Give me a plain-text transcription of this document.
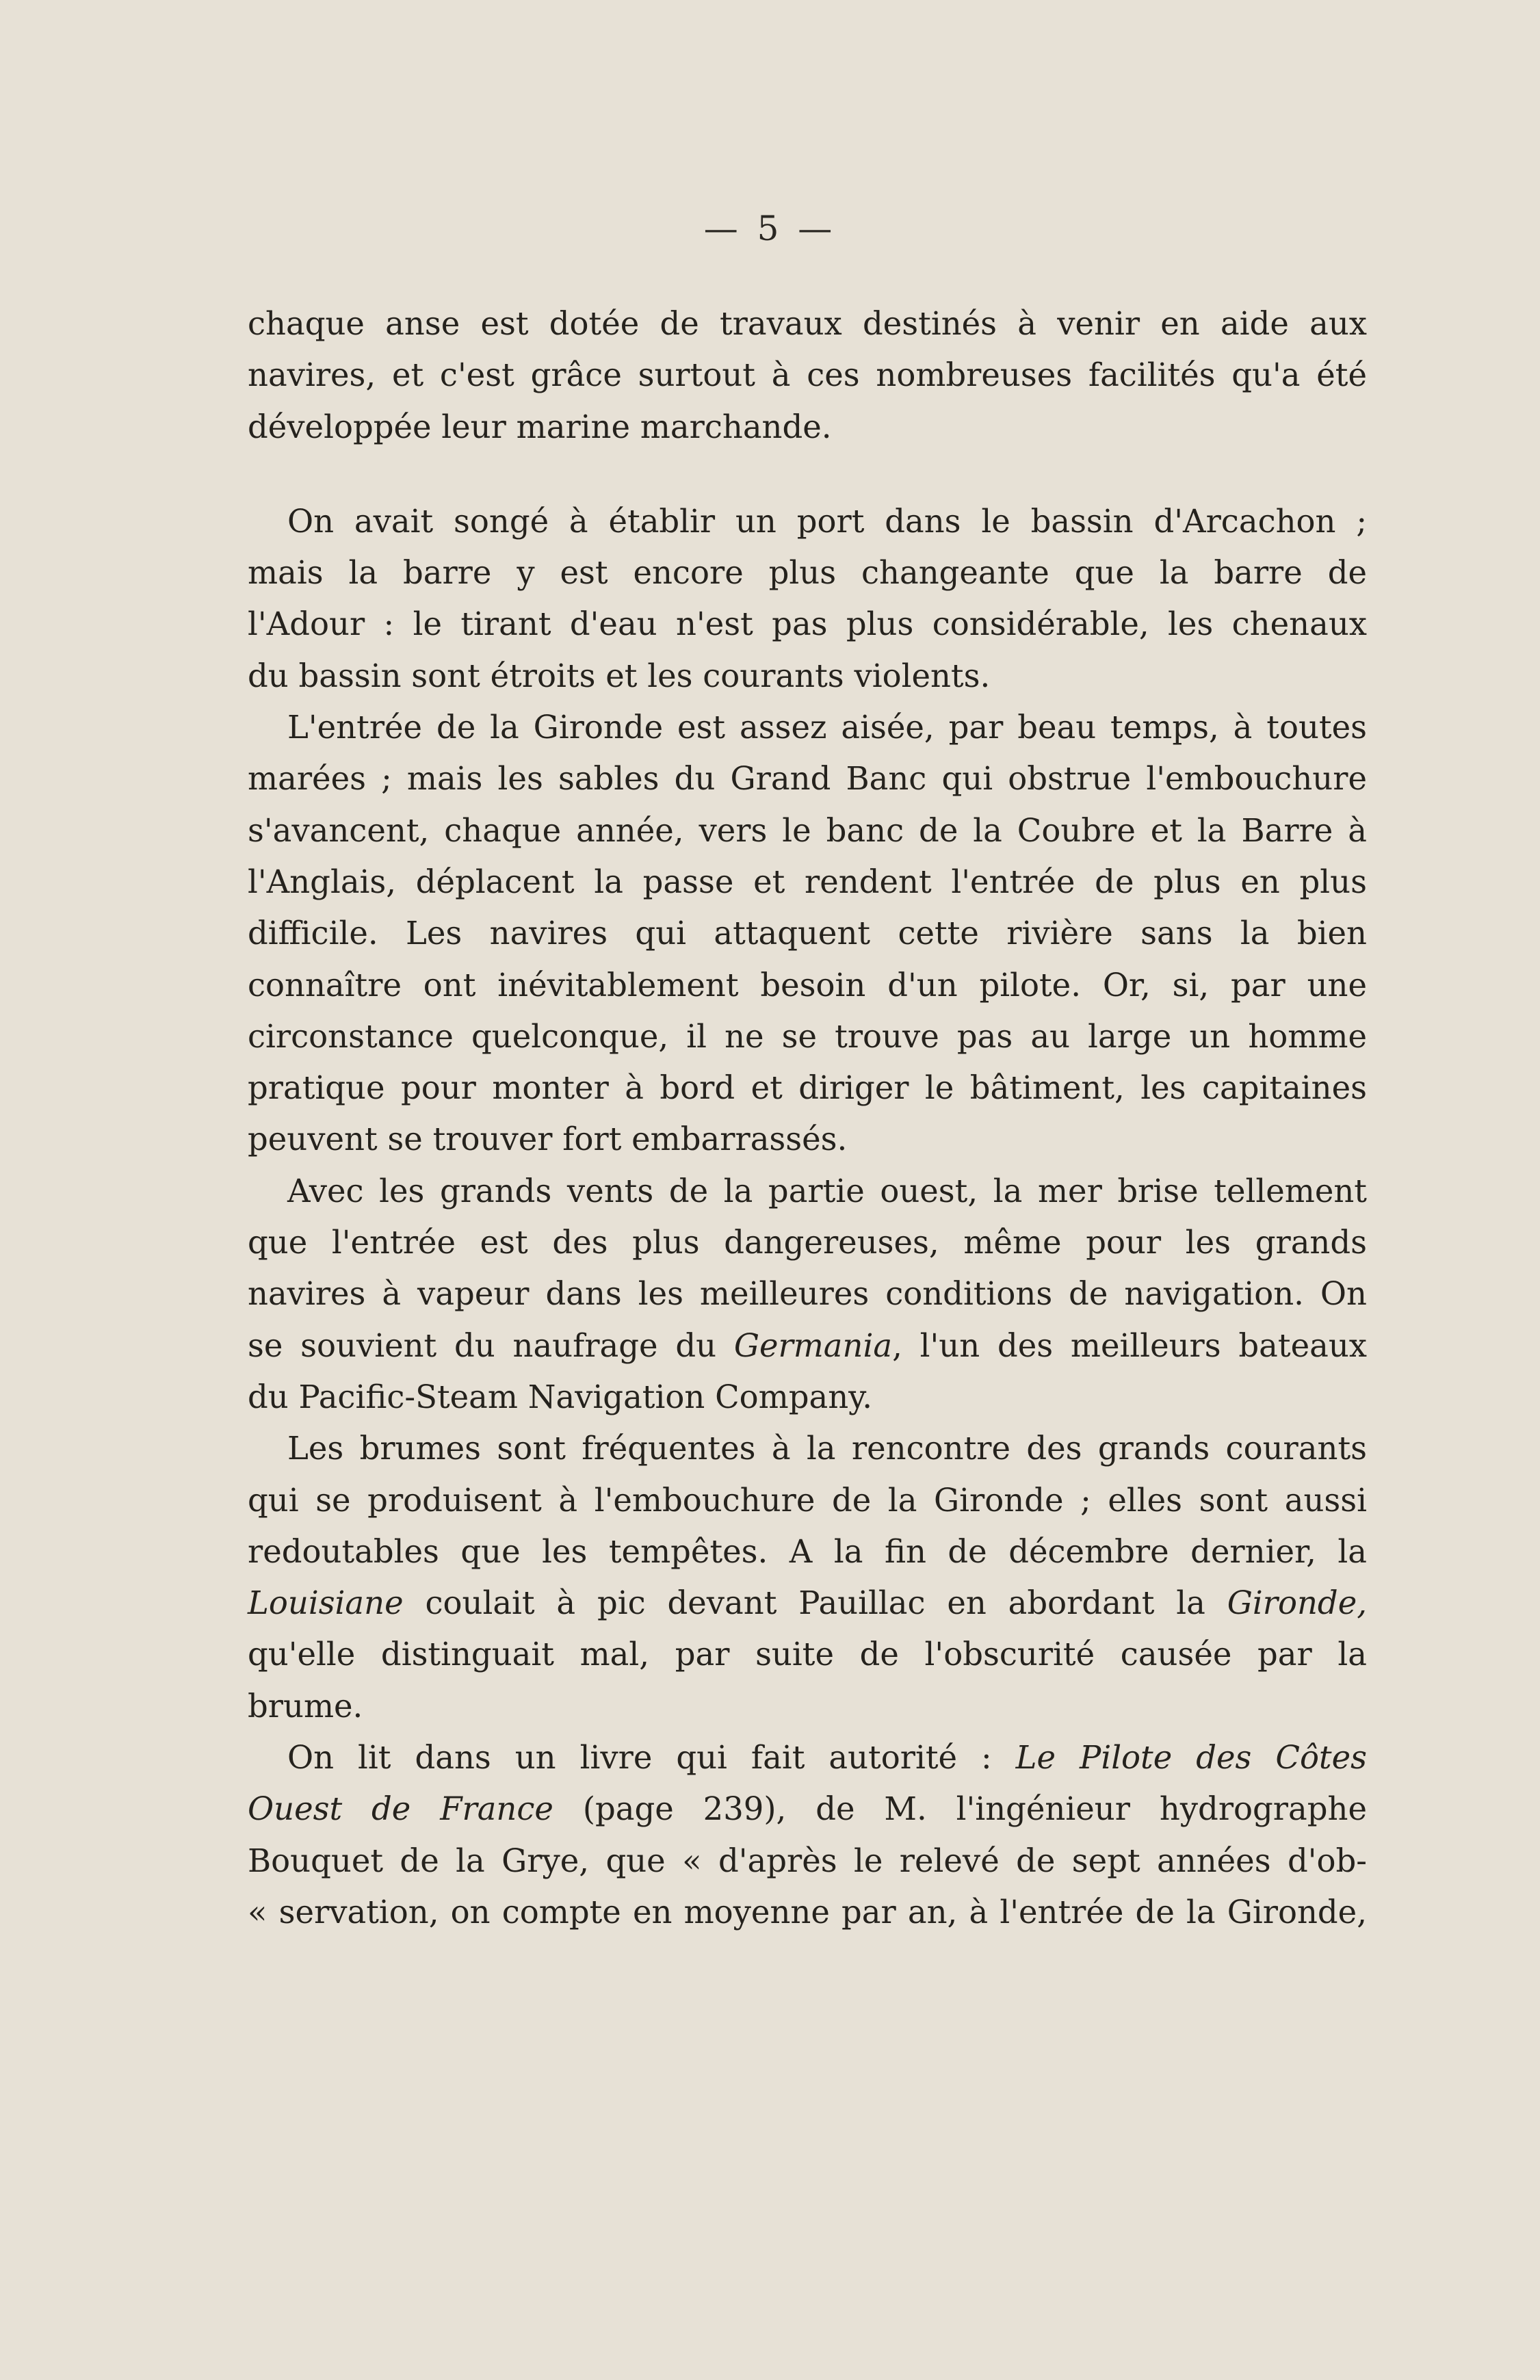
— 5 —
chaque anse est dotée de travaux destinés à venir en aide aux
navires, et c'est grâce surtout à ces nombreuses facilités qu'a été
développée leur marine marchande.
On avait songé à établir un port dans le bassin d'Arcachon ;
mais la barre y est encore plus changeante que la barre de
l'Adour : le tirant d'eau n'est pas plus considérable, les chenaux
du bassin sont étroits et les courants violents.
L'entrée de la Gironde est assez aisée, par beau temps, à toutes
marées ; mais les sables du Grand Banc qui obstrue l'embouchure
s'avancent, chaque année, vers le banc de la Coubre et la Barre à
l'Anglais, déplacent la passe et rendent l'entrée de plus en plus
difficile. Les navires qui attaquent cette rivière sans la bien
connaître ont inévitablement besoin d'un pilote. Or, si, par une
circonstance quelconque, il ne se trouve pas au large un homme
pratique pour monter à bord et diriger le bâtiment, les capitaines
peuvent se trouver fort embarrassés.
Avec les grands vents de la partie ouest, la mer brise tellement
que l'entrée est des plus dangereuses, même pour les grands
navires à vapeur dans les meilleures conditions de navigation. On
se souvient du naufrage du Germania, l'un des meilleurs bateaux
du Pacific-Steam Navigation Company.
Les brumes sont fréquentes à la rencontre des grands courants
qui se produisent à l'embouchure de la Gironde ; elles sont aussi
redoutables que les tempêtes. A la fin de décembre dernier, la
Louisiane coulait à pic devant Pauillac en abordant la Gironde,
qu'elle distinguait mal, par suite de l'obscurité causée par la
brume.
On lit dans un livre qui fait autorité : Le Pilote des Côtes
Ouest de France (page 239), de M. l'ingénieur hydrographe
Bouquet de la Grye, que « d'après le relevé de sept années d'ob-
« servation, on compte en moyenne par an, à l'entrée de la Gironde,
